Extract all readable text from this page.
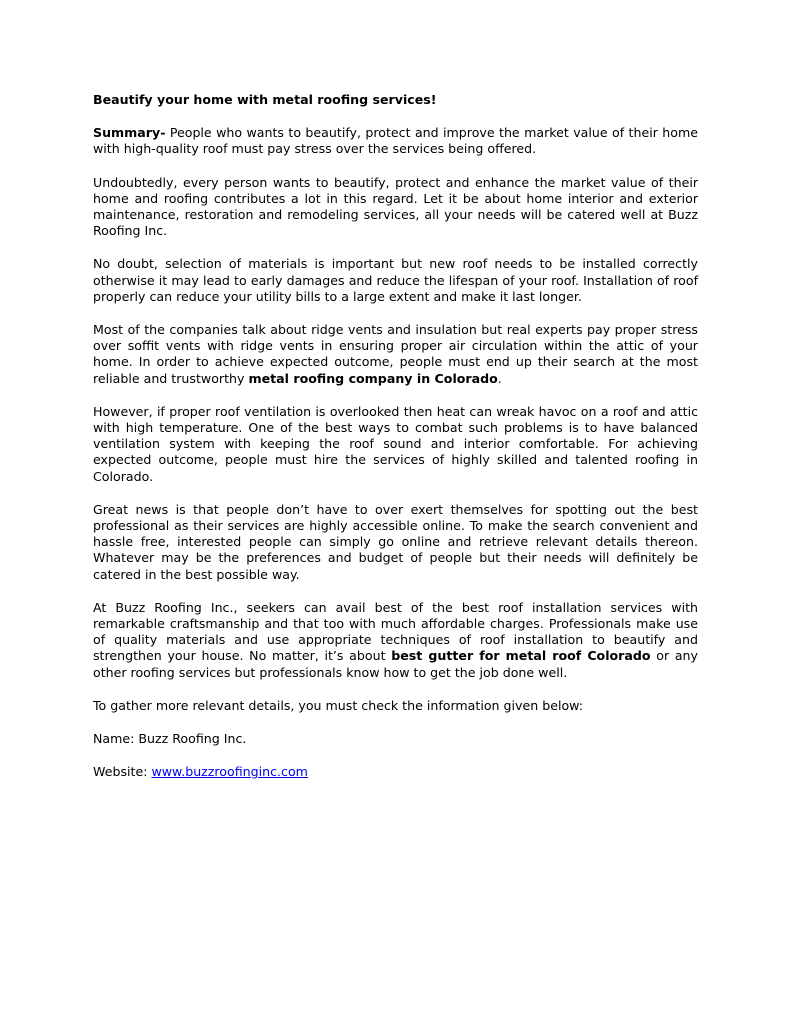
Beautify your home with metal roofing services!

Summary- People who wants to beautify, protect and improve the market value of their home with high-quality roof must pay stress over the services being offered.

Undoubtedly, every person wants to beautify, protect and enhance the market value of their home and roofing contributes a lot in this regard. Let it be about home interior and exterior maintenance, restoration and remodeling services, all your needs will be catered well at Buzz Roofing Inc.

No doubt, selection of materials is important but new roof needs to be installed correctly otherwise it may lead to early damages and reduce the lifespan of your roof. Installation of roof properly can reduce your utility bills to a large extent and make it last longer.

Most of the companies talk about ridge vents and insulation but real experts pay proper stress over soffit vents with ridge vents in ensuring proper air circulation within the attic of your home. In order to achieve expected outcome, people must end up their search at the most reliable and trustworthy metal roofing company in Colorado.

However, if proper roof ventilation is overlooked then heat can wreak havoc on a roof and attic with high temperature. One of the best ways to combat such problems is to have balanced ventilation system with keeping the roof sound and interior comfortable. For achieving expected outcome, people must hire the services of highly skilled and talented roofing in Colorado.

Great news is that people don’t have to over exert themselves for spotting out the best professional as their services are highly accessible online. To make the search convenient and hassle free, interested people can simply go online and retrieve relevant details thereon. Whatever may be the preferences and budget of people but their needs will definitely be catered in the best possible way.

At Buzz Roofing Inc., seekers can avail best of the best roof installation services with remarkable craftsmanship and that too with much affordable charges. Professionals make use of quality materials and use appropriate techniques of roof installation to beautify and strengthen your house. No matter, it’s about best gutter for metal roof Colorado or any other roofing services but professionals know how to get the job done well.

To gather more relevant details, you must check the information given below:

Name: Buzz Roofing Inc.

Website: www.buzzroofinginc.com
